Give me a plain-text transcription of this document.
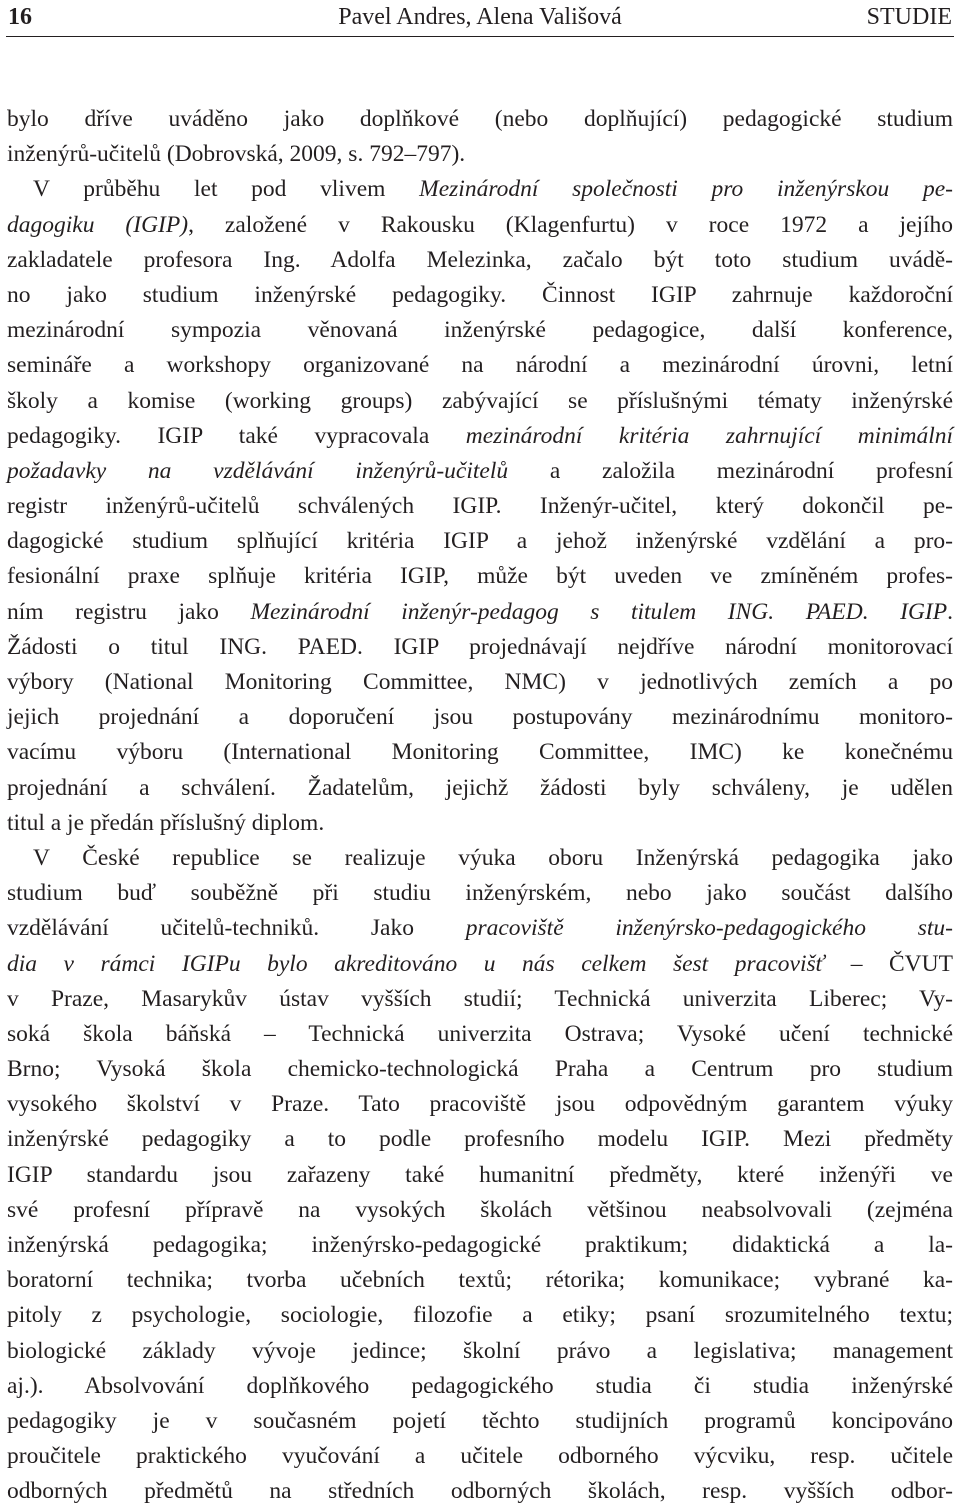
16	Pavel Andres, Alena Vališová	STUDIE
bylo dříve uváděno jako doplňkové (nebo doplňující) pedagogické studium
inženýrů-učitelů (Dobrovská, 2009, s. 792–797).
V průběhu let pod vlivem Mezinárodní společnosti pro inženýrskou pe-
dagogiku (IGIP), založené v Rakousku (Klagenfurtu) v roce 1972 a jejího
zakladatele profesora Ing. Adolfa Melezinka, začalo být toto studium uvádě-
no jako studium inženýrské pedagogiky. Činnost IGIP zahrnuje každoroční
mezinárodní sympozia věnovaná inženýrské pedagogice, další konference,
semináře a workshopy organizované na národní a mezinárodní úrovni, letní
školy a komise (working groups) zabývající se příslušnými tématy inženýrské
pedagogiky. IGIP také vypracovala mezinárodní kritéria zahrnující minimální
požadavky na vzdělávání inženýrů-učitelů a založila mezinárodní profesní
registr inženýrů-učitelů schválených IGIP. Inženýr-učitel, který dokončil pe-
dagogické studium splňující kritéria IGIP a jehož inženýrské vzdělání a pro-
fesionální praxe splňuje kritéria IGIP, může být uveden ve zmíněném profes-
ním registru jako Mezinárodní inženýr-pedagog s titulem ING. PAED. IGIP.
Žádosti o titul ING. PAED. IGIP projednávají nejdříve národní monitorovací
výbory (National Monitoring Committee, NMC) v jednotlivých zemích a po
jejich projednání a doporučení jsou postupovány mezinárodnímu monitoro-
vacímu výboru (International Monitoring Committee, IMC) ke konečnému
projednání a schválení. Žadatelům, jejichž žádosti byly schváleny, je udělen
titul a je předán příslušný diplom.
V České republice se realizuje výuka oboru Inženýrská pedagogika jako
studium buď souběžně při studiu inženýrském, nebo jako součást dalšího
vzdělávání učitelů-techniků. Jako pracoviště inženýrsko-pedagogického stu-
dia v rámci IGIPu bylo akreditováno u nás celkem šest pracovišť – ČVUT
v Praze, Masarykův ústav vyšších studií; Technická univerzita Liberec; Vy-
soká škola báňská – Technická univerzita Ostrava; Vysoké učení technické
Brno; Vysoká škola chemicko-technologická Praha a Centrum pro studium
vysokého školství v Praze. Tato pracoviště jsou odpovědným garantem výuky
inženýrské pedagogiky a to podle profesního modelu IGIP. Mezi předměty
IGIP standardu jsou zařazeny také humanitní předměty, které inženýři ve
své profesní přípravě na vysokých školách většinou neabsolvovali (zejména
inženýrská pedagogika; inženýrsko-pedagogické praktikum; didaktická a la-
boratorní technika; tvorba učebních textů; rétorika; komunikace; vybrané ka-
pitoly z psychologie, sociologie, filozofie a etiky; psaní srozumitelného textu;
biologické základy vývoje jedince; školní právo a legislativa; management
aj.). Absolvování doplňkového pedagogického studia či studia inženýrské
pedagogiky je v současném pojetí těchto studijních programů koncipováno
proučitele praktického vyučování a učitele odborného výcviku, resp. učitele
odborných předmětů na středních odborných školách, resp. vyšších odbor-
